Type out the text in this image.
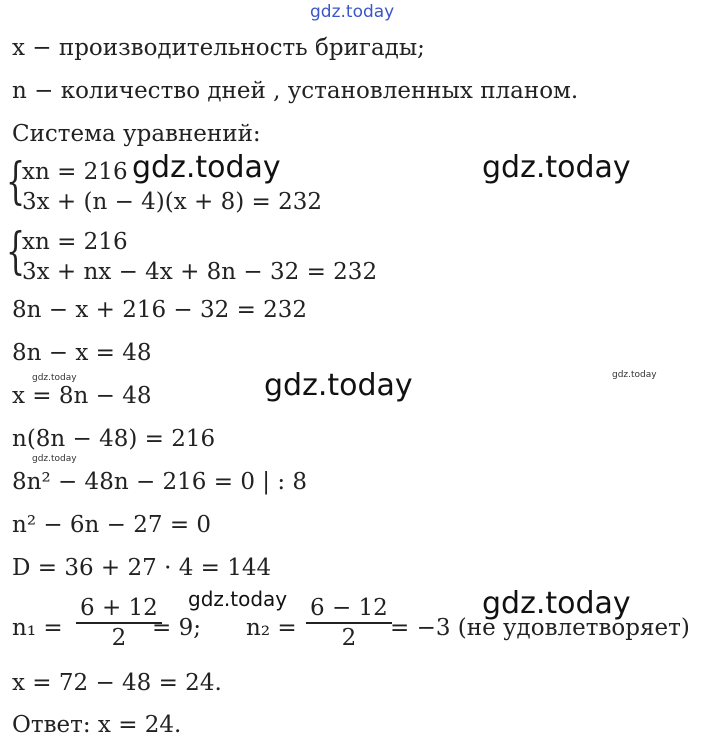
gdz.today
x − производительность бригады;
n − количество дней , установленных планом.
Система уравнений:
{
xn = 216
3x + (n − 4)(x + 8) = 232
gdz.today	gdz.today
{
xn = 216
3x + nx − 4x + 8n − 32 = 232
8n − x + 216 − 32 = 232
8n − x = 48
gdz.today
x = 8n − 48	gdz.today	gdz.today
n(8n − 48) = 216
gdz.today
8n² − 48n − 216 = 0 | : 8
n² − 6n − 27 = 0
D = 36 + 27 · 4 = 144
gdz.today	gdz.today
n₁ =
6 + 12
2 = 9; n₂ =
6 − 12
2 = −3 (не удовлетворяет)
x = 72 − 48 = 24.
Ответ: x = 24.
